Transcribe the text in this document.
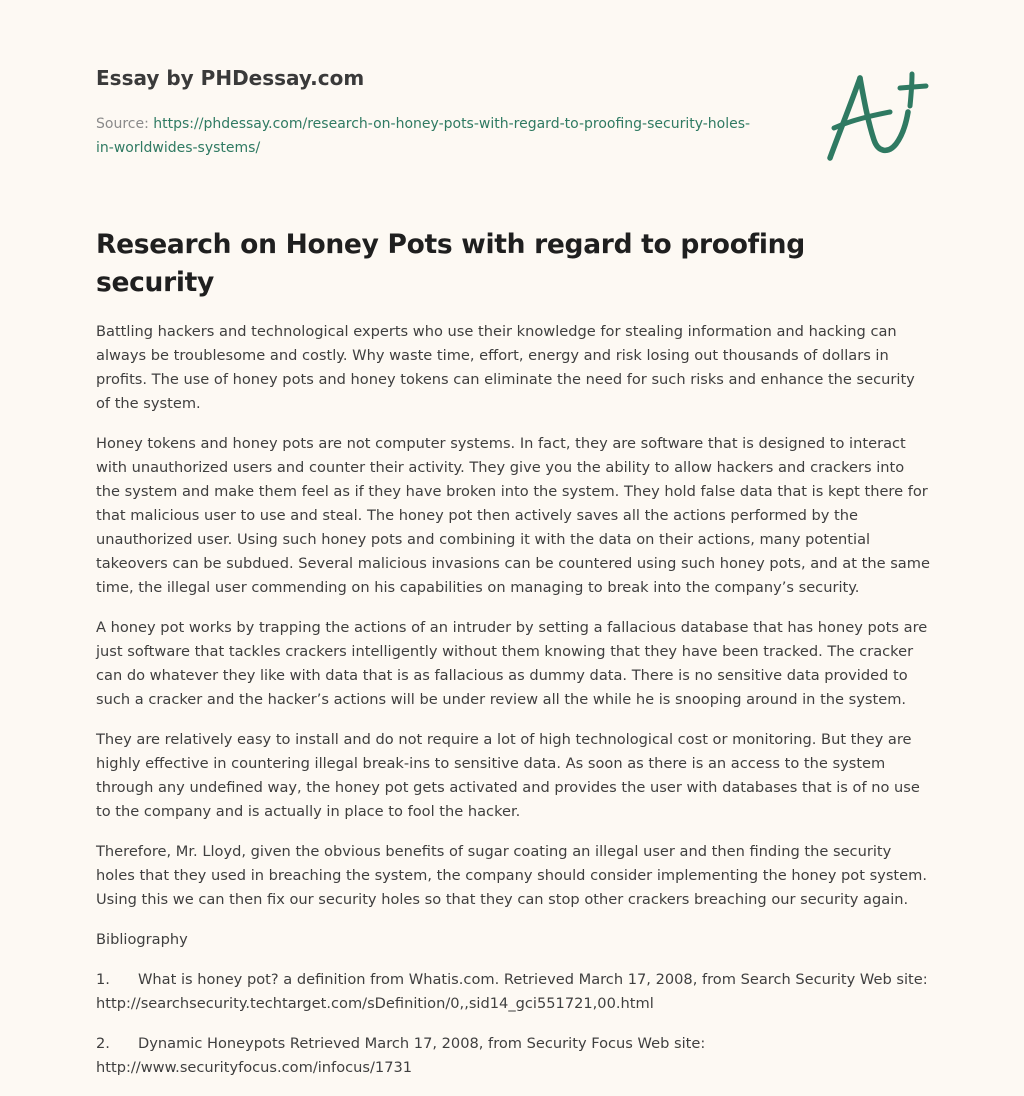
Essay by PHDessay.com
Source: https://phdessay.com/research-on-honey-pots-with-regard-to-proofing-security-holes-in-worldwides-systems/
Research on Honey Pots with regard to proofing security

Battling hackers and technological experts who use their knowledge for stealing information and hacking can always be troublesome and costly. Why waste time, effort, energy and risk losing out thousands of dollars in profits. The use of honey pots and honey tokens can eliminate the need for such risks and enhance the security of the system.

Honey tokens and honey pots are not computer systems. In fact, they are software that is designed to interact with unauthorized users and counter their activity. They give you the ability to allow hackers and crackers into the system and make them feel as if they have broken into the system. They hold false data that is kept there for that malicious user to use and steal. The honey pot then actively saves all the actions performed by the unauthorized user. Using such honey pots and combining it with the data on their actions, many potential takeovers can be subdued. Several malicious invasions can be countered using such honey pots, and at the same time, the illegal user commending on his capabilities on managing to break into the company’s security.

A honey pot works by trapping the actions of an intruder by setting a fallacious database that has honey pots are just software that tackles crackers intelligently without them knowing that they have been tracked. The cracker can do whatever they like with data that is as fallacious as dummy data. There is no sensitive data provided to such a cracker and the hacker’s actions will be under review all the while he is snooping around in the system.

They are relatively easy to install and do not require a lot of high technological cost or monitoring. But they are highly effective in countering illegal break-ins to sensitive data. As soon as there is an access to the system through any undefined way, the honey pot gets activated and provides the user with databases that is of no use to the company and is actually in place to fool the hacker.

Therefore, Mr. Lloyd, given the obvious benefits of sugar coating an illegal user and then finding the security holes that they used in breaching the system, the company should consider implementing the honey pot system. Using this we can then fix our security holes so that they can stop other crackers breaching our security again.

Bibliography

1. What is honey pot? a definition from Whatis.com. Retrieved March 17, 2008, from Search Security Web site: http://searchsecurity.techtarget.com/sDefinition/0,,sid14_gci551721,00.html

2. Dynamic Honeypots Retrieved March 17, 2008, from Security Focus Web site: http://www.securityfocus.com/infocus/1731
